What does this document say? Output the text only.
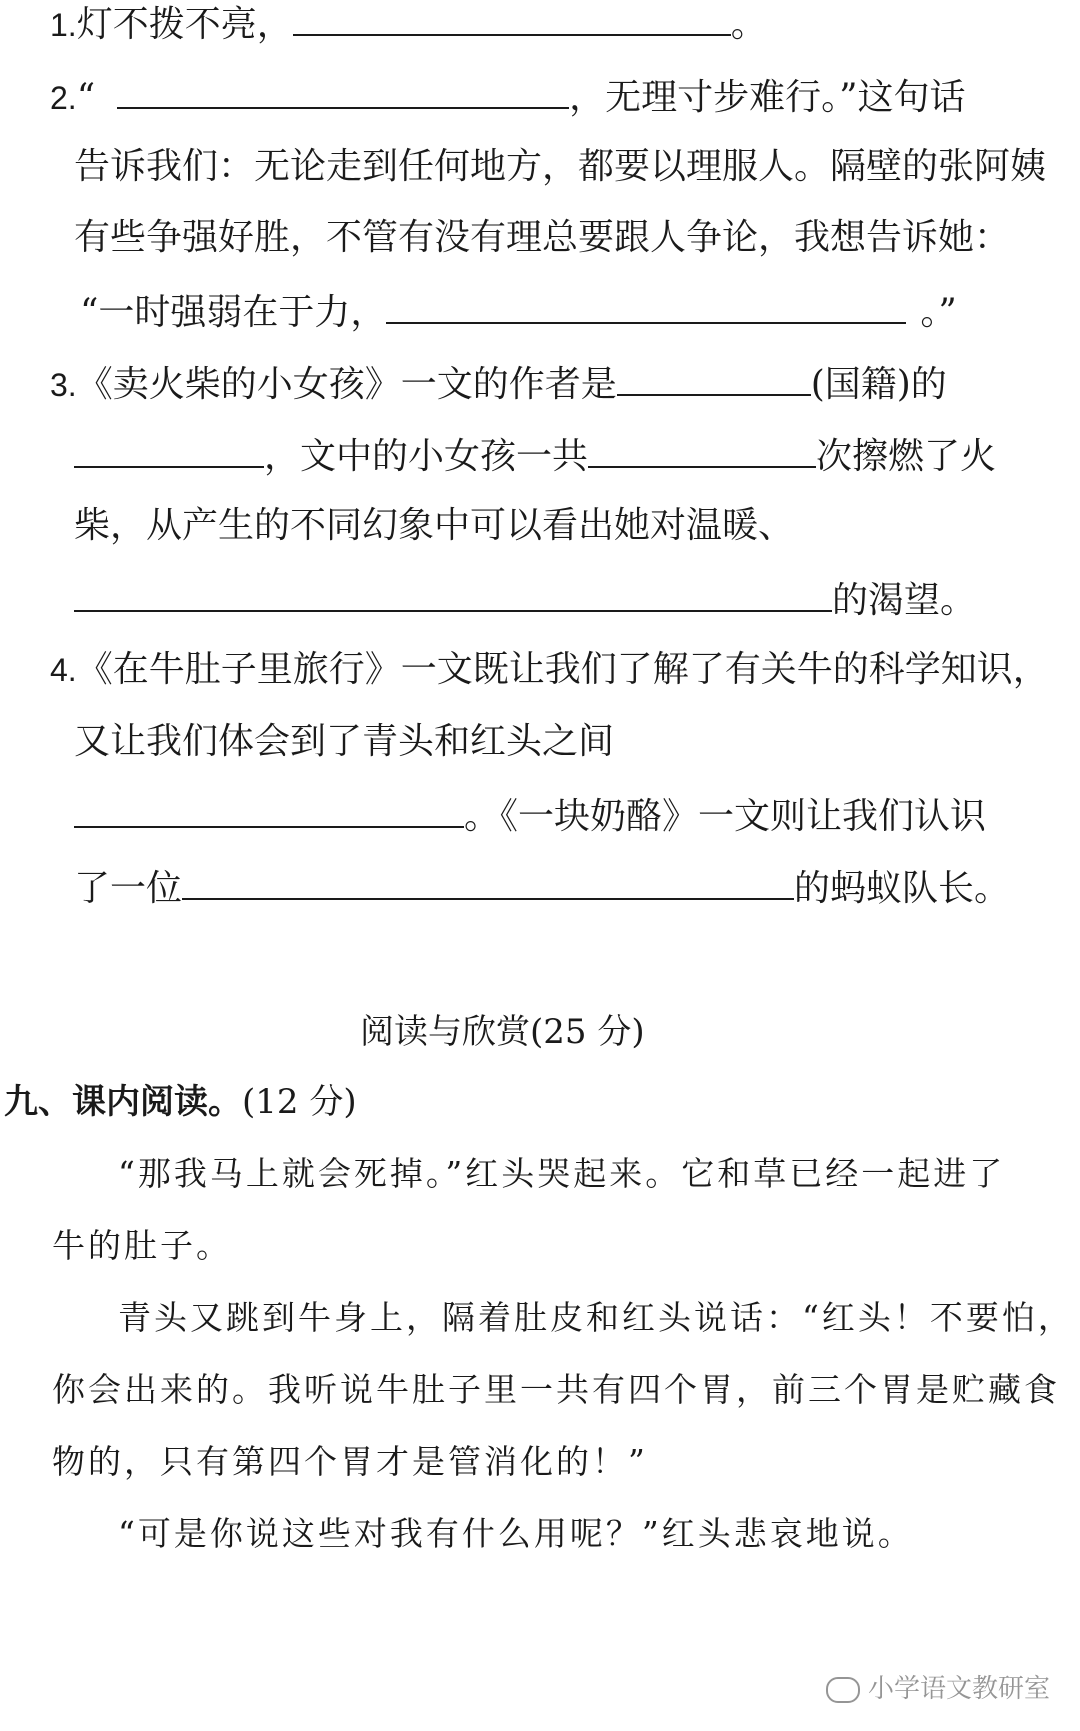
1.灯不拨不亮，	。
2.“	，无理寸步难行。”这句话
告诉我们：无论走到任何地方，都要以理服人。隔壁的张阿姨
有些争强好胜，不管有没有理总要跟人争论，我想告诉她：
“一时强弱在于力，	。”
3.《卖火柴的小女孩》一文的作者是	(国籍)的
，文中的小女孩一共	次擦燃了火
柴，从产生的不同幻象中可以看出她对温暖、
的渴望。
4.《在牛肚子里旅行》一文既让我们了解了有关牛的科学知识，
又让我们体会到了青头和红头之间
。《一块奶酪》一文则让我们认识
了一位	的蚂蚁队长。
阅读与欣赏(25 分)
九、课内阅读。(12 分)
“那我马上就会死掉。”红头哭起来。它和草已经一起进了
牛的肚子。
青头又跳到牛身上，隔着肚皮和红头说话：“红头！不要怕，
你会出来的。我听说牛肚子里一共有四个胃，前三个胃是贮藏食
物的，只有第四个胃才是管消化的！”
“可是你说这些对我有什么用呢？”红头悲哀地说。
小学语文教研室
